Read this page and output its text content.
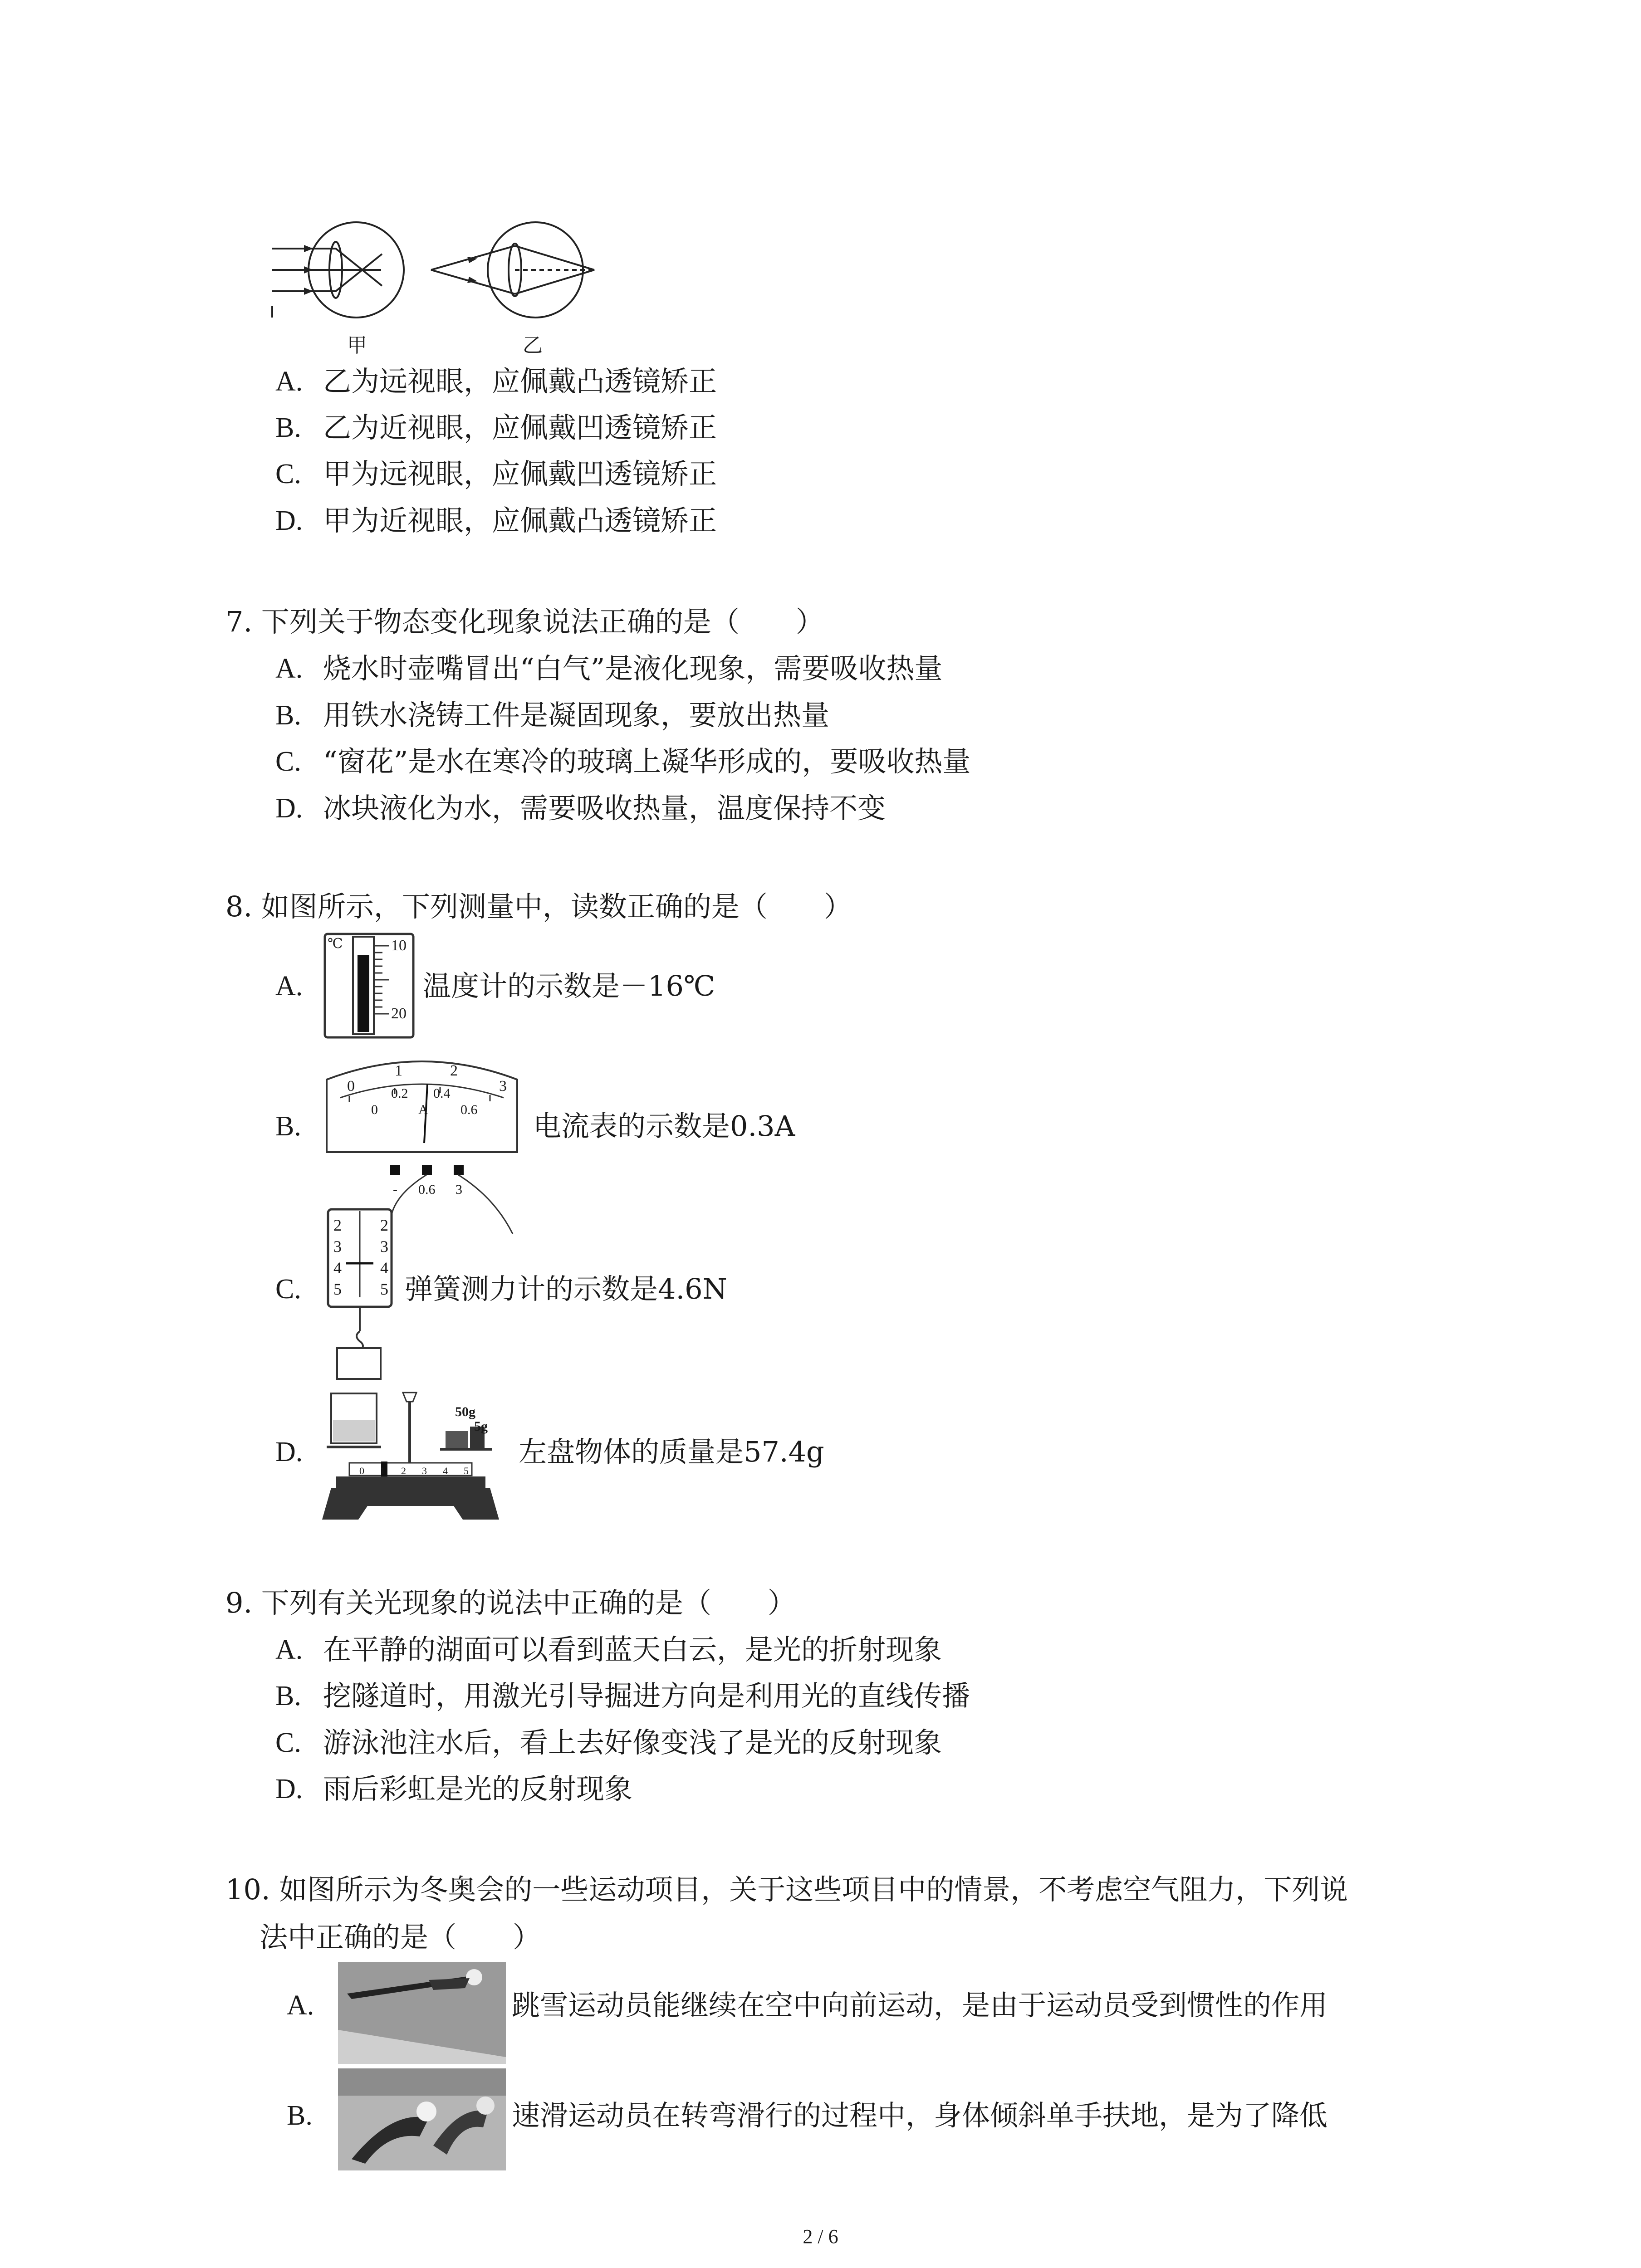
甲	乙
A. 乙为远视眼，应佩戴凸透镜矫正
B. 乙为近视眼，应佩戴凹透镜矫正
C. 甲为远视眼，应佩戴凹透镜矫正
D. 甲为近视眼，应佩戴凸透镜矫正
7. 下列关于物态变化现象说法正确的是（　　）
A. 烧水时壶嘴冒出“白气”是液化现象，需要吸收热量
B. 用铁水浇铸工件是凝固现象，要放出热量
C. “窗花”是水在寒冷的玻璃上凝华形成的，要吸收热量
D. 冰块液化为水，需要吸收热量，温度保持不变
8. 如图所示，下列测量中，读数正确的是（　　）
A.
℃	10
20
温度计的示数是－16℃
B.
0
1	2
3
0
0.2 0.4
0.6
A
- 0.6 3
电流表的示数是0.3A
C.
2
3
4
5
2
3
4
5 弹簧测力计的示数是4.6N
D.
50g
5g
0 1 2 3 4 5
左盘物体的质量是57.4g
9. 下列有关光现象的说法中正确的是（　　）
A. 在平静的湖面可以看到蓝天白云，是光的折射现象
B. 挖隧道时，用激光引导掘进方向是利用光的直线传播
C. 游泳池注水后，看上去好像变浅了是光的反射现象
D. 雨后彩虹是光的反射现象
10. 如图所示为冬奥会的一些运动项目，关于这些项目中的情景，不考虑空气阻力，下列说
法中正确的是（　　）
A.	跳雪运动员能继续在空中向前运动，是由于运动员受到惯性的作用
B.	速滑运动员在转弯滑行的过程中，身体倾斜单手扶地，是为了降低
2 / 6
